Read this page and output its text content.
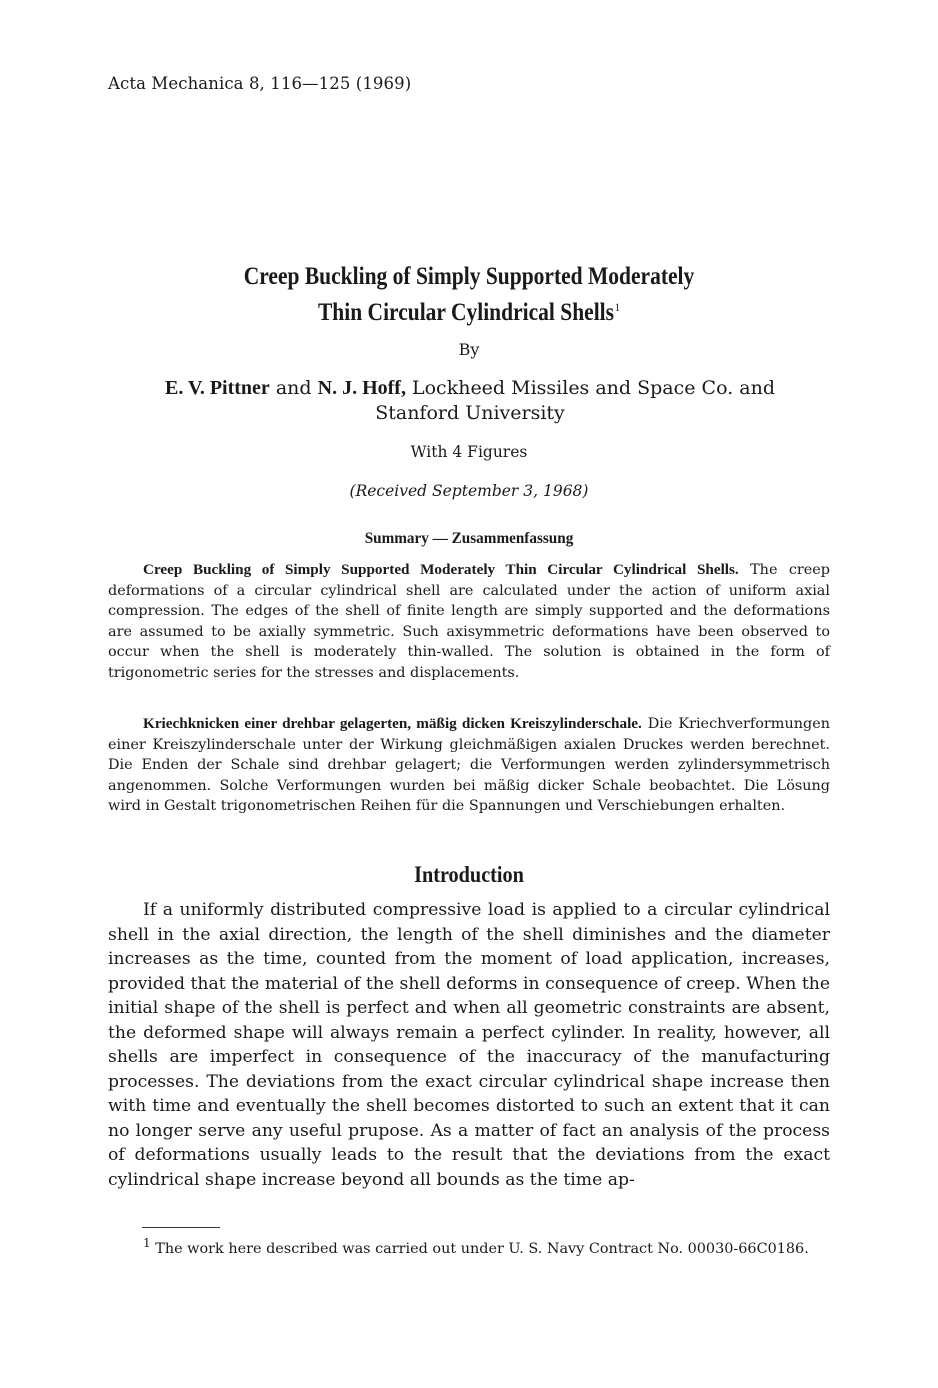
Acta Mechanica 8, 116—125 (1969)
Creep Buckling of Simply Supported Moderately
Thin Circular Cylindrical Shells$^1$
By
E. V. Pittner and N. J. Hoff, Lockheed Missiles and Space Co. and
Stanford University
With 4 Figures
(Received September 3, 1968)
Summary — Zusammenfassung
Creep Buckling of Simply Supported Moderately Thin Circular Cylindrical Shells. The creep deformations of a circular cylindrical shell are calculated under the action of uniform axial compression. The edges of the shell of finite length are simply supported and the deformations are assumed to be axially symmetric. Such axisymmetric deformations have been observed to occur when the shell is moderately thin-walled. The solution is obtained in the form of trigonometric series for the stresses and displacements.
Kriechknicken einer drehbar gelagerten, mäßig dicken Kreiszylinderschale. Die Kriechverformungen einer Kreiszylinderschale unter der Wirkung gleichmäßigen axialen Druckes werden berechnet. Die Enden der Schale sind drehbar gelagert; die Verformungen werden zylindersymmetrisch angenommen. Solche Verformungen wurden bei mäßig dicker Schale beobachtet. Die Lösung wird in Gestalt trigonometrischen Reihen für die Spannungen und Verschiebungen erhalten.
Introduction
If a uniformly distributed compressive load is applied to a circular cylindrical shell in the axial direction, the length of the shell diminishes and the diameter increases as the time, counted from the moment of load application, increases, provided that the material of the shell deforms in consequence of creep. When the initial shape of the shell is perfect and when all geometric constraints are absent, the deformed shape will always remain a perfect cylinder. In reality, however, all shells are imperfect in consequence of the inaccuracy of the manufacturing processes. The deviations from the exact circular cylindrical shape increase then with time and eventually the shell becomes distorted to such an extent that it can no longer serve any useful prupose. As a matter of fact an analysis of the process of deformations usually leads to the result that the deviations from the exact cylindrical shape increase beyond all bounds as the time ap-
$^1$ The work here described was carried out under U. S. Navy Contract No. 00030-66C0186.
